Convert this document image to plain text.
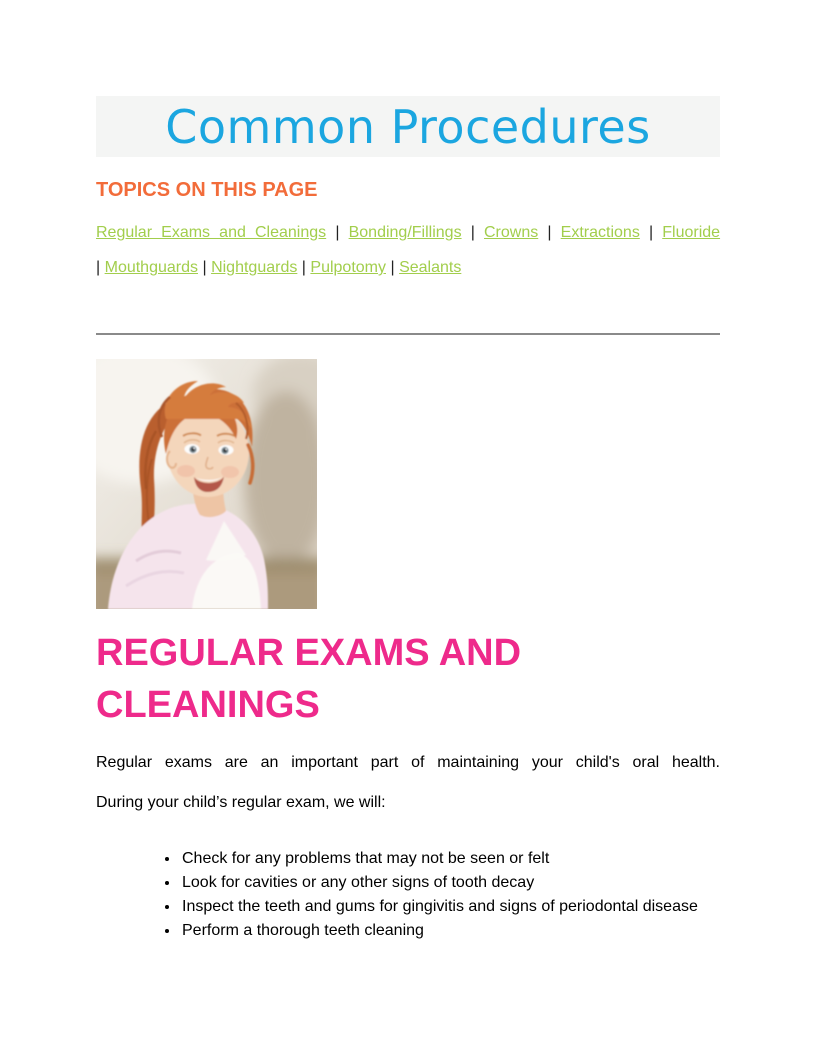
Common Procedures
TOPICS ON THIS PAGE
Regular Exams and Cleanings | Bonding/Fillings | Crowns | Extractions | Fluoride
| Mouthguards | Nightguards | Pulpotomy | Sealants
REGULAR EXAMS AND CLEANINGS
Regular exams are an important part of maintaining your child's oral health.
During your child’s regular exam, we will:
• Check for any problems that may not be seen or felt
• Look for cavities or any other signs of tooth decay
• Inspect the teeth and gums for gingivitis and signs of periodontal disease
• Perform a thorough teeth cleaning
